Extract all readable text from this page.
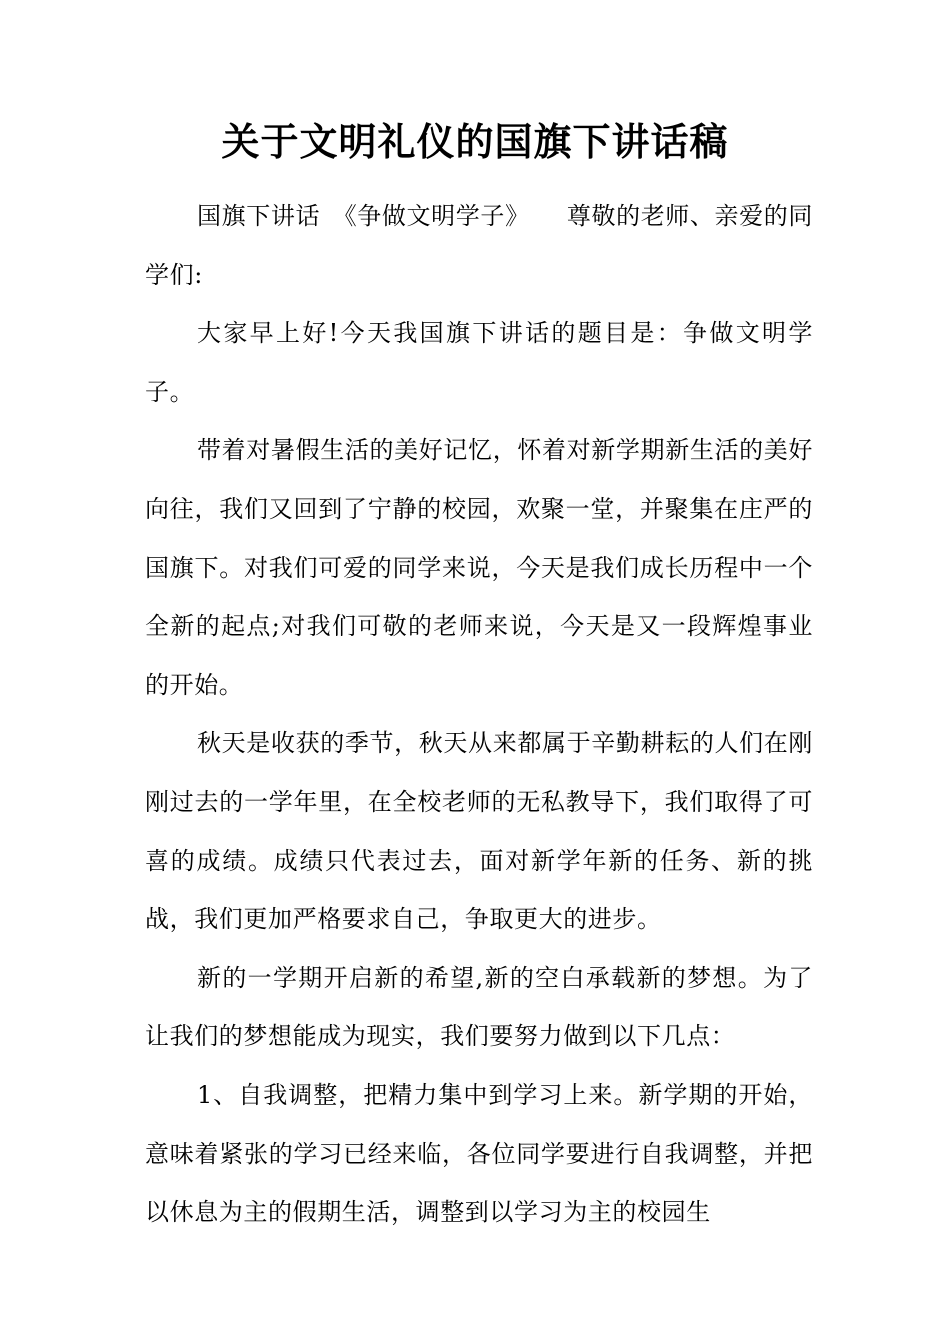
关于文明礼仪的国旗下讲话稿

国旗下讲话　《争做文明学子》　　尊敬的老师、亲爱的同学们:

大家早上好!今天我国旗下讲话的题目是：争做文明学子。

带着对暑假生活的美好记忆，怀着对新学期新生活的美好向往，我们又回到了宁静的校园，欢聚一堂，并聚集在庄严的国旗下。对我们可爱的同学来说，今天是我们成长历程中一个全新的起点;对我们可敬的老师来说，今天是又一段辉煌事业的开始。

秋天是收获的季节，秋天从来都属于辛勤耕耘的人们在刚刚过去的一学年里，在全校老师的无私教导下，我们取得了可喜的成绩。成绩只代表过去，面对新学年新的任务、新的挑战，我们更加严格要求自己，争取更大的进步。

新的一学期开启新的希望,新的空白承载新的梦想。为了让我们的梦想能成为现实，我们要努力做到以下几点：

1、自我调整，把精力集中到学习上来。新学期的开始，意味着紧张的学习已经来临，各位同学要进行自我调整，并把以休息为主的假期生活，调整到以学习为主的校园生
